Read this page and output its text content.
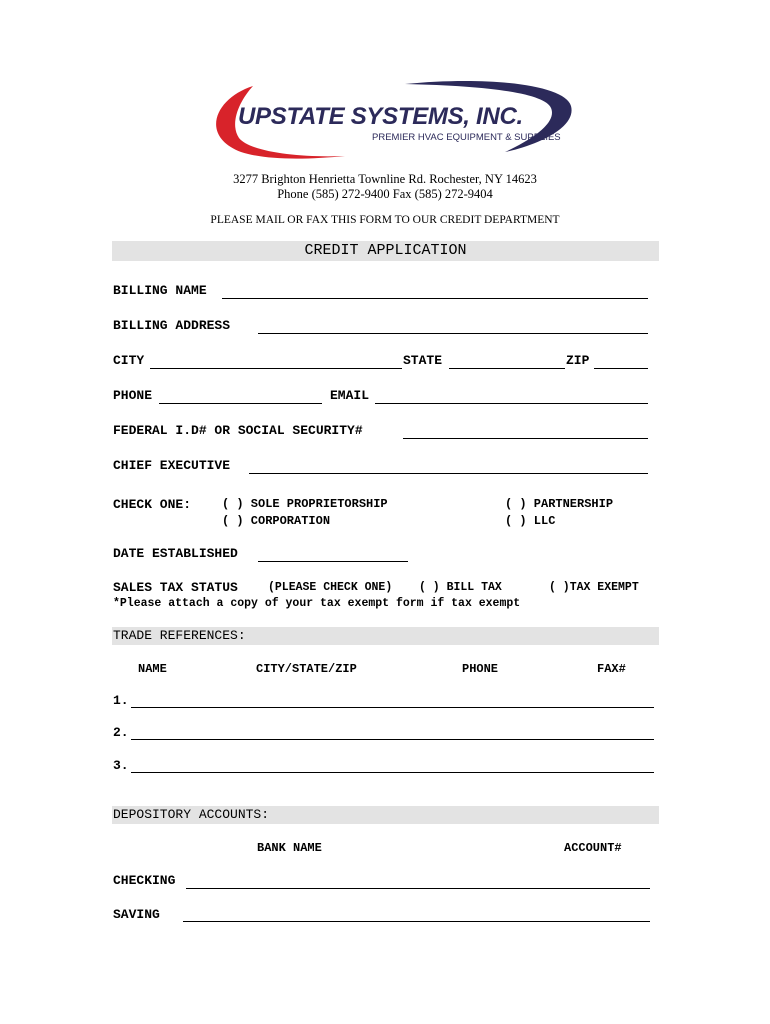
UPSTATE SYSTEMS, INC.
PREMIER HVAC EQUIPMENT & SUPPLIES
3277 Brighton Henrietta Townline Rd. Rochester, NY 14623
Phone (585) 272-9400 Fax (585) 272-9404
PLEASE MAIL OR FAX THIS FORM TO OUR CREDIT DEPARTMENT
CREDIT APPLICATION
BILLING NAME
BILLING ADDRESS
CITY	STATE	ZIP
PHONE	EMAIL
FEDERAL I.D# OR SOCIAL SECURITY#
CHIEF EXECUTIVE
CHECK ONE:	( ) SOLE PROPRIETORSHIP	( ) PARTNERSHIP
( ) CORPORATION	( ) LLC
DATE ESTABLISHED
SALES TAX STATUS	(PLEASE CHECK ONE) ( ) BILL TAX	( )TAX EXEMPT
*Please attach a copy of your tax exempt form if tax exempt
TRADE REFERENCES:
NAME	CITY/STATE/ZIP	PHONE	FAX#
1.
2.
3.
DEPOSITORY ACCOUNTS:
BANK NAME	ACCOUNT#
CHECKING
SAVING
